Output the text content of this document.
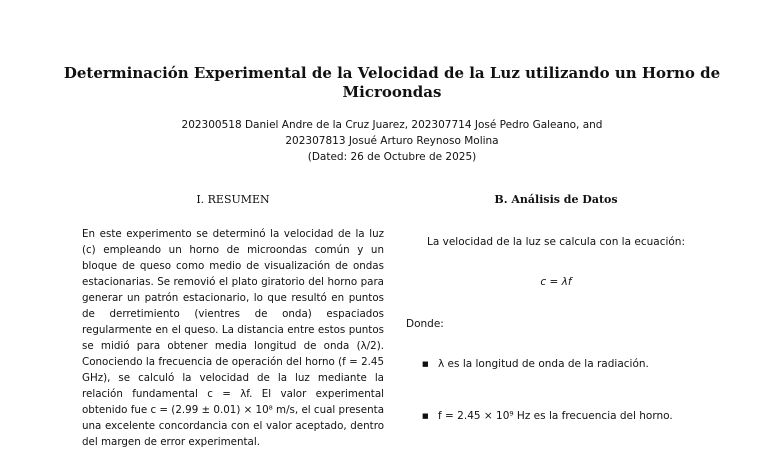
Determinación Experimental de la Velocidad de la Luz utilizando un Horno de Microondas
202300518 Daniel Andre de la Cruz Juarez, 202307714 José Pedro Galeano, and 202307813 Josué Arturo Reynoso Molina
(Dated: 26 de Octubre de 2025)
I. RESUMEN

En este experimento se determinó la velocidad de la luz (c) empleando un horno de microondas común y un bloque de queso como medio de visualización de ondas estacionarias. Se removió el plato giratorio del horno para generar un patrón estacionario, lo que resultó en puntos de derretimiento (vientres de onda) espaciados regularmente en el queso. La distancia entre estos puntos se midió para obtener media longitud de onda (λ/2). Conociendo la frecuencia de operación del horno (f = 2.45 GHz), se calculó la velocidad de la luz mediante la relación fundamental c = λf. El valor experimental obtenido fue c = (2.99 ± 0.01) × 10⁸ m/s, el cual presenta una excelente concordancia con el valor aceptado, dentro del margen de error experimental.

B. Análisis de Datos
La velocidad de la luz se calcula con la ecuación:
c = λf
Donde:
■ λ es la longitud de onda de la radiación.
■ f = 2.45 × 10⁹ Hz es la frecuencia del horno.
